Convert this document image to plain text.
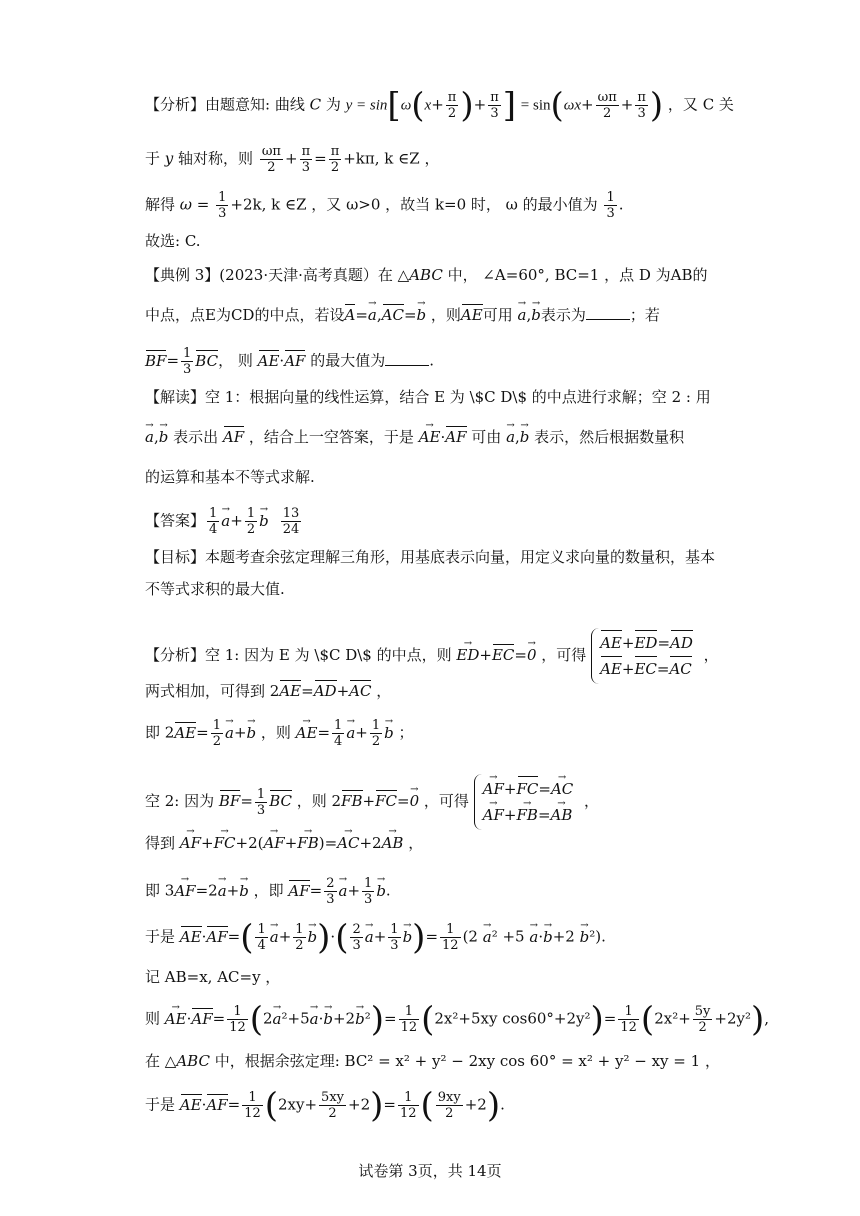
【分析】由题意知: 曲线 C 为 $y = \sin[\omega(x+ \frac{\pi}{2}$ )+ $\frac{\pi}{3}$ ] = $\sin(\omega x+ \frac{\omega\pi}{2} + \frac{\pi}{3}$ ) ，又 C 关
于 y 轴对称，则 $\frac{\omega\pi}{2} + \frac{\pi}{3} = \frac{\pi}{2} +k\pi$, k ∈Z ，
解得 $\omega = \frac{1}{3} +2k$, k ∈Z ，又 ω>0 ，故当 k=0 时， ω 的最小值为 $\frac{1}{3}$ .
故选: C.
【典例 3】(2023·天津·高考真题）在 △ABC 中， ∠A=60°, BC=1 ，点 D 为AB的
中点，点E为CD的中点，若设A=a →,AC=b → ，则AE可用 a →,b →表示为	；若
$BF= \frac{1}{3}$ BC， 则 AE·AF 的最大值为	.
【解读】空 1：根据向量的线性运算，结合 E 为 \$C D\$ 的中点进行求解；空 2 : 用
a →,b → 表示出 AF ，结合上一空答案，于是 AE →·AF 可由 a →,b → 表示，然后根据数量积
的运算和基本不等式求解.
【答案】 $\frac{1}{4}$ $a \to+ \frac{1}{2}$ $b \to \frac{13}{24}$
【目标】本题考查余弦定理解三角形，用基底表示向量，用定义求向量的数量积，基本
不等式求积的最大值.
【分析】空 1: 因为 E 为 \$C D\$ 的中点，则 ED →+EC=0 → ，可得 AE+ED=AD
AE+EC=AC ，
两式相加，可得到 2AE=AD+AC ，
即 $2AE= \frac{1}{2}$ a →+b → ，则 AE →= $\frac{1}{4}$ $a \to+ \frac{1}{2}$ b → ；
空 2: 因为 $BF= \frac{1}{3}$ BC ，则 2FB+FC=0 → ，可得 AF →+FC=AC →
AF →+FB →=AB → ，
得到 AF →+FC →+2(AF →+FB →)=AC →+2AB → ，
即 3AF →=2a →+b → ，即 $AF= \frac{2}{3}$ $a \to+ \frac{1}{3}$ b →.
于是 $AE\cdot AF=( \frac{1}{4}$ $a \to+ \frac{1}{2}$ b →)·( $\frac{2}{3}$ $a \to+ \frac{1}{3}$ b →)= $\frac{1}{12} (2$ a →² +5 a →·b →+2 b →²).
记 AB=x, AC=y ，
则 AE $\to\cdot AF= \frac{1}{12} (2a \to^2+5a \to\cdot b \to+2b \to^2)= \frac{1}{12} (2x^2+5xy$ $\cos 60^\circ+2y^2)= \frac{1}{12} (2x^2+ \frac{5y}{2} +2y^2)$,
在 △ABC 中，根据余弦定理: BC² = x² + y² − 2xy cos 60° = x² + y² − xy = 1 ，
于是 $AE\cdot AF= \frac{1}{12} (2xy+ \frac{5xy}{2} +2)= \frac{1}{12}$ ( $\frac{9xy}{2} +2$).
试卷第 3页，共 14页
